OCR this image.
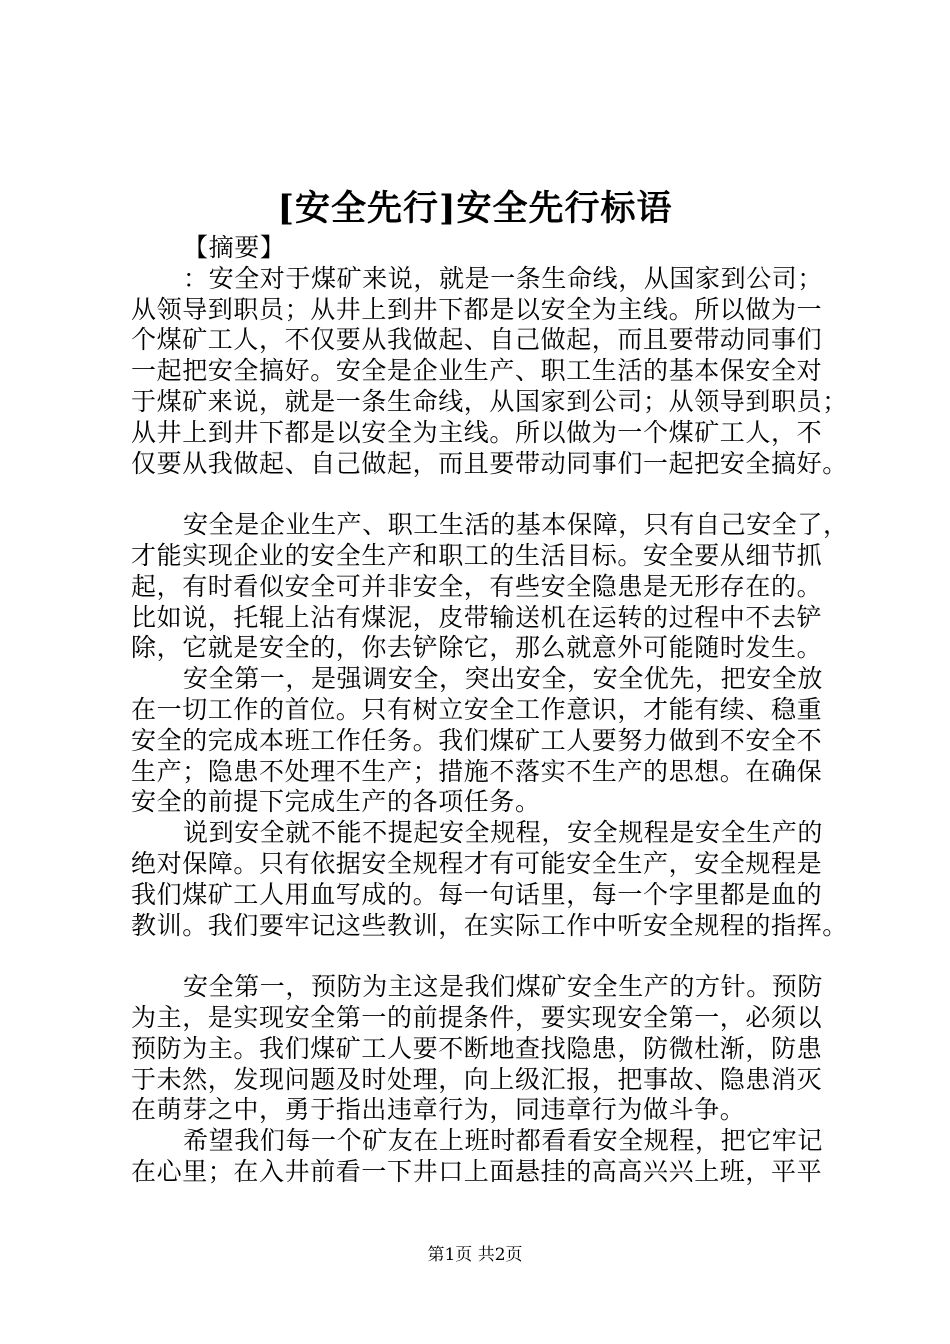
[安全先行]安全先行标语
【摘要】
：安全对于煤矿来说，就是一条生命线，从国家到公司；
从领导到职员；从井上到井下都是以安全为主线。所以做为一
个煤矿工人，不仅要从我做起、自己做起，而且要带动同事们
一起把安全搞好。安全是企业生产、职工生活的基本保安全对
于煤矿来说，就是一条生命线，从国家到公司；从领导到职员；
从井上到井下都是以安全为主线。所以做为一个煤矿工人，不
仅要从我做起、自己做起，而且要带动同事们一起把安全搞好。
安全是企业生产、职工生活的基本保障，只有自己安全了，
才能实现企业的安全生产和职工的生活目标。安全要从细节抓
起，有时看似安全可并非安全，有些安全隐患是无形存在的。
比如说，托辊上沾有煤泥，皮带输送机在运转的过程中不去铲
除，它就是安全的，你去铲除它，那么就意外可能随时发生。
安全第一，是强调安全，突出安全，安全优先，把安全放
在一切工作的首位。只有树立安全工作意识，才能有续、稳重
安全的完成本班工作任务。我们煤矿工人要努力做到不安全不
生产；隐患不处理不生产；措施不落实不生产的思想。在确保
安全的前提下完成生产的各项任务。
说到安全就不能不提起安全规程，安全规程是安全生产的
绝对保障。只有依据安全规程才有可能安全生产，安全规程是
我们煤矿工人用血写成的。每一句话里，每一个字里都是血的
教训。我们要牢记这些教训，在实际工作中听安全规程的指挥。
安全第一，预防为主这是我们煤矿安全生产的方针。预防
为主，是实现安全第一的前提条件，要实现安全第一，必须以
预防为主。我们煤矿工人要不断地查找隐患，防微杜渐，防患
于未然，发现问题及时处理，向上级汇报，把事故、隐患消灭
在萌芽之中，勇于指出违章行为，同违章行为做斗争。
希望我们每一个矿友在上班时都看看安全规程，把它牢记
在心里；在入井前看一下井口上面悬挂的高高兴兴上班，平平
第1页 共2页
